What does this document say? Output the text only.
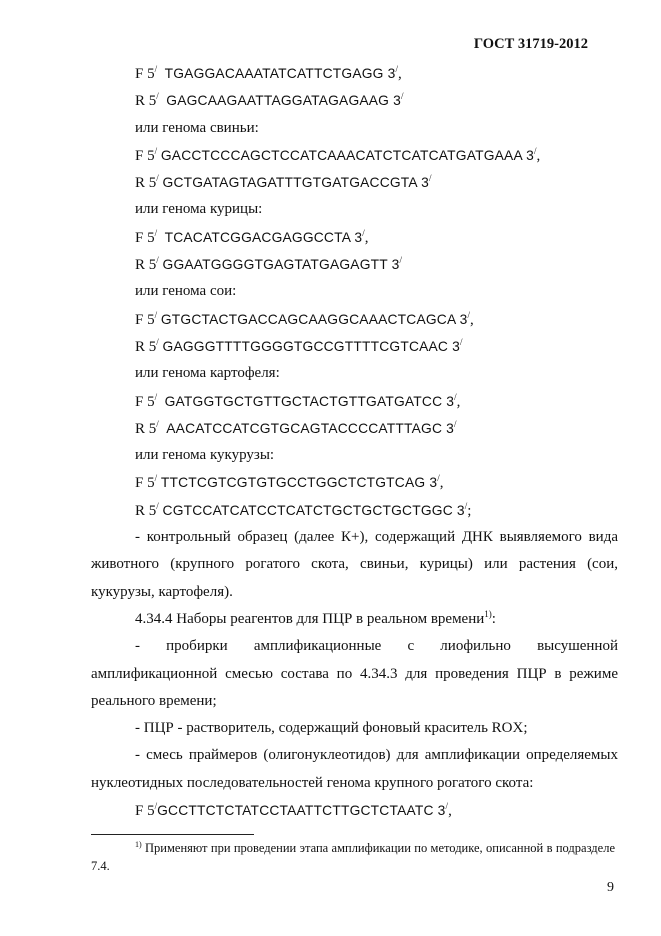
ГОСТ 31719-2012
F 5/ TGAGGACAAATATCATTCTGAGG 3/,
R 5/ GAGCAAGAATTAGGATAGAGAAG 3/
или генома свиньи:
F 5/ GACCTCCCAGCTCCATCAAACATCTCATCATGATGAAA 3/,
R 5/ GCTGATAGTAGATTTGTGATGACCGTA 3/
или генома курицы:
F 5/ TCACATCGGACGAGGCCTA 3/,
R 5/ GGAATGGGGTGAGTATGAGAGTT 3/
или генома сои:
F 5/ GTGCTACTGACCAGCAAGGCAAACTCAGCA 3/,
R 5/ GAGGGTTTTGGGGTGCCGTTTTCGTCAAC 3/
или генома картофеля:
F 5/ GATGGTGCTGTTGCTACTGTTGATGATCC 3/,
R 5/ AACATCCATCGTGCAGTACCCCATTTAGC 3/
или генома кукурузы:
F 5/ TTCTCGTCGTGTGCCTGGCTCTGTCAG 3/,
R 5/ CGTCCATCATCCTCATCTGCTGCTGCTGGC 3/;

- контрольный образец (далее К+), содержащий ДНК выявляемого вида животного (крупного рогатого скота, свиньи, курицы) или растения (сои, кукурузы, картофеля).

4.34.4 Наборы реагентов для ПЦР в реальном времени$^{1)}$:

- пробирки амплификационные с лиофильно высушенной амплификационной смесью состава по 4.34.3 для проведения ПЦР в режиме реального времени;

- ПЦР - растворитель, содержащий фоновый краситель ROX;

- смесь праймеров (олигонуклеотидов) для амплификации определяемых нуклеотидных последовательностей генома крупного рогатого скота:

F 5/GCCTTCTCTATCCTAATTCTTGCTCTAATC 3/,
$^{1)}$ Применяют при проведении этапа амплификации по методике, описанной в подразделе 7.4.
9
